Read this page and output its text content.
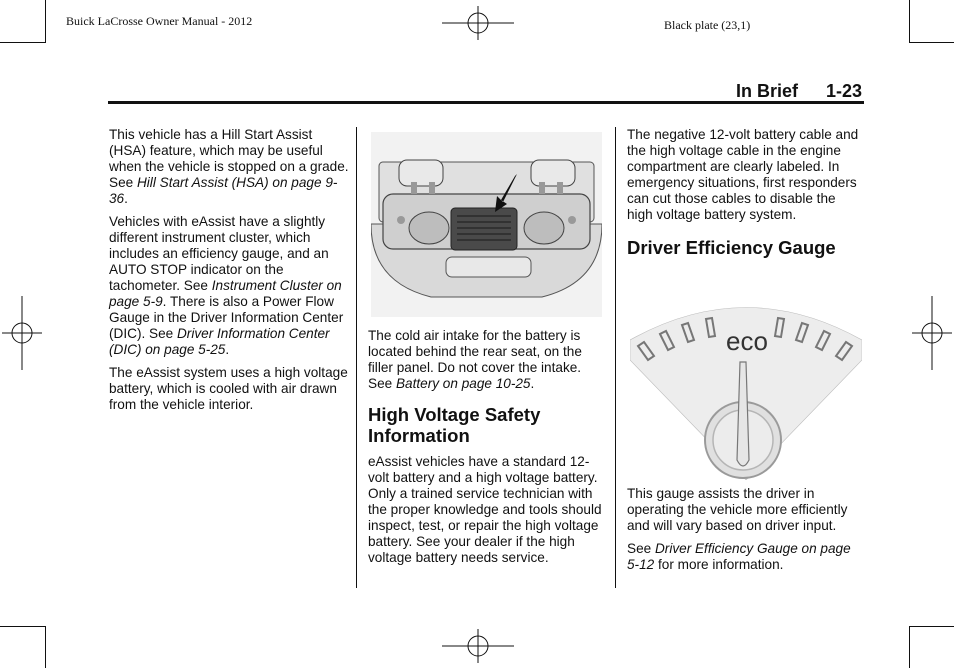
Buick LaCrosse Owner Manual - 2012	Black plate (23,1)
In Brief 1-23

This vehicle has a Hill Start Assist (HSA) feature, which may be useful when the vehicle is stopped on a grade. See Hill Start Assist (HSA) on page 9-36.

Vehicles with eAssist have a slightly different instrument cluster, which includes an efficiency gauge, and an AUTO STOP indicator on the tachometer. See Instrument Cluster on page 5-9. There is also a Power Flow Gauge in the Driver Information Center (DIC). See Driver Information Center (DIC) on page 5-25.

The eAssist system uses a high voltage battery, which is cooled with air drawn from the vehicle interior.

The cold air intake for the battery is located behind the rear seat, on the filler panel. Do not cover the intake. See Battery on page 10-25.

High Voltage Safety Information

eAssist vehicles have a standard 12-volt battery and a high voltage battery. Only a trained service technician with the proper knowledge and tools should inspect, test, or repair the high voltage battery. See your dealer if the high voltage battery needs service.

The negative 12-volt battery cable and the high voltage cable in the engine compartment are clearly labeled. In emergency situations, first responders can cut those cables to disable the high voltage battery system.

Driver Efficiency Gauge
eco

This gauge assists the driver in operating the vehicle more efficiently and will vary based on driver input.

See Driver Efficiency Gauge on page 5-12 for more information.
